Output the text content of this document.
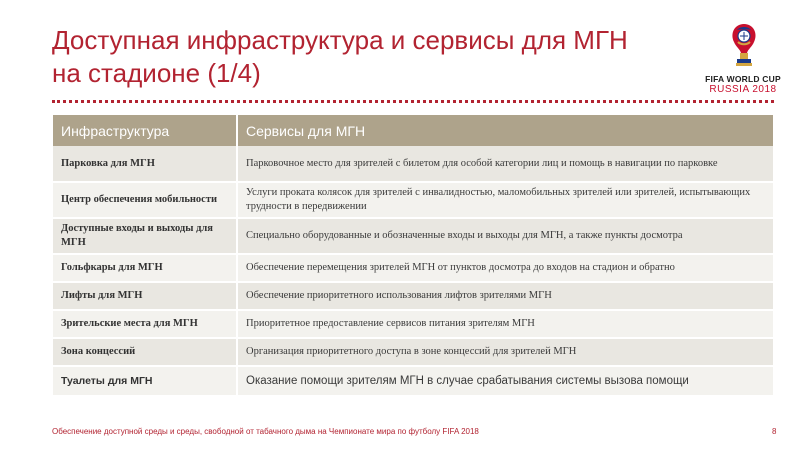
Доступная инфраструктура и сервисы для МГН
на стадионе (1/4)	FIFA WORLD CUP
RUSSIA 2018
Инфраструктура	Сервисы для МГН
Парковка для МГН	Парковочное место для зрителей с билетом для особой категории лиц и помощь в навигации по парковке
Центр обеспечения мобильности	Услуги проката колясок для зрителей с инвалидностью, маломобильных зрителей или зрителей, испытывающих трудности в передвижении
Доступные входы и выходы для МГН	Специально оборудованные и обозначенные входы и выходы для МГН, а также пункты досмотра
Гольфкары для МГН	Обеспечение перемещения зрителей МГН от пунктов досмотра до входов на стадион и обратно
Лифты для МГН	Обеспечение приоритетного использования лифтов зрителями МГН
Зрительские места для МГН	Приоритетное предоставление сервисов питания зрителям МГН
Зона концессий	Организация приоритетного доступа в зоне концессий для зрителей МГН
Туалеты для МГН	Оказание помощи зрителям МГН в случае срабатывания системы вызова помощи
Обеспечение доступной среды и среды, свободной от табачного дыма на Чемпионате мира по футболу FIFA 2018	8
